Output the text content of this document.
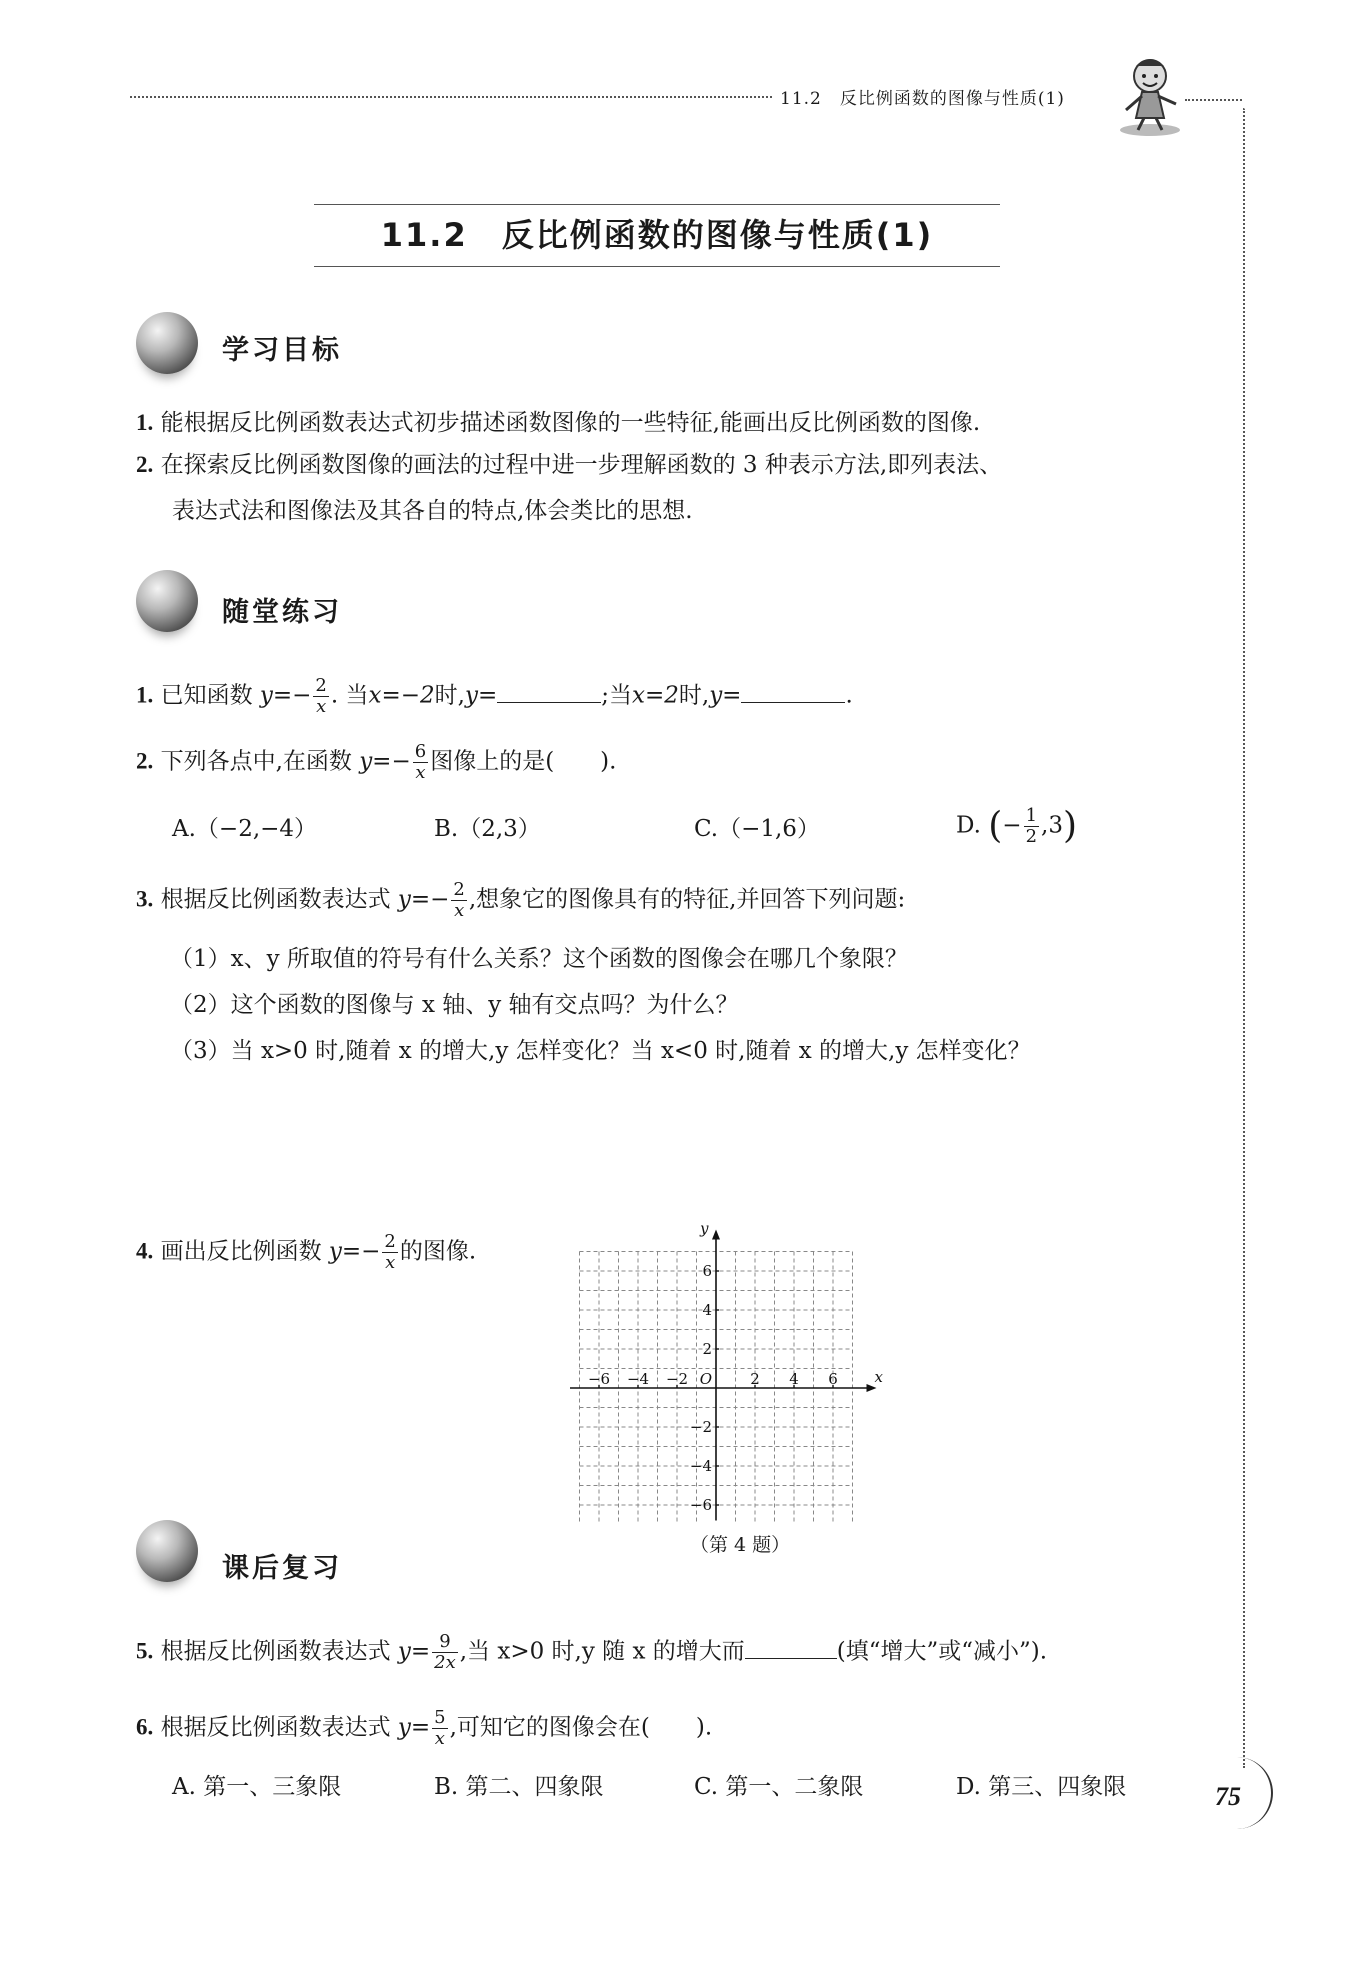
11.2　反比例函数的图像与性质(1)
11.2　反比例函数的图像与性质(1)
学习目标
1. 能根据反比例函数表达式初步描述函数图像的一些特征,能画出反比例函数的图像.
2. 在探索反比例函数图像的画法的过程中进一步理解函数的 3 种表示方法,即列表法、
表达式法和图像法及其各自的特点,体会类比的思想.
随堂练习
1. 已知函数 $y=- \frac{2}{x}$ . 当x=−2时,y=	;当x=2时,y=	.
2. 下列各点中,在函数 $y=- \frac{6}{x}$ 图像上的是(　　).
A.（−2,−4）	B.（2,3）	C.（−1,6）	D. (− $\frac{1}{2} ,3$)
3. 根据反比例函数表达式 $y=- \frac{2}{x}$ ,想象它的图像具有的特征,并回答下列问题:
（1）x、y 所取值的符号有什么关系？这个函数的图像会在哪几个象限？
（2）这个函数的图像与 x 轴、y 轴有交点吗？为什么？
（3）当 x>0 时,随着 x 的增大,y 怎样变化？当 x<0 时,随着 x 的增大,y 怎样变化？
4. 画出反比例函数 $y=- \frac{2}{x}$ 的图像.
−6 −4 −2	2 4 6
−6
−4
−2
2
4
6
O	x
y
（第 4 题）
课后复习
5. 根据反比例函数表达式 $y= \frac{9}{2x}$ ,当 x>0 时,y 随 x 的增大而	(填“增大”或“减小”).
6. 根据反比例函数表达式 $y= \frac{5}{x}$ ,可知它的图像会在(　　).
A. 第一、三象限	B. 第二、四象限	C. 第一、二象限	D. 第三、四象限	75
